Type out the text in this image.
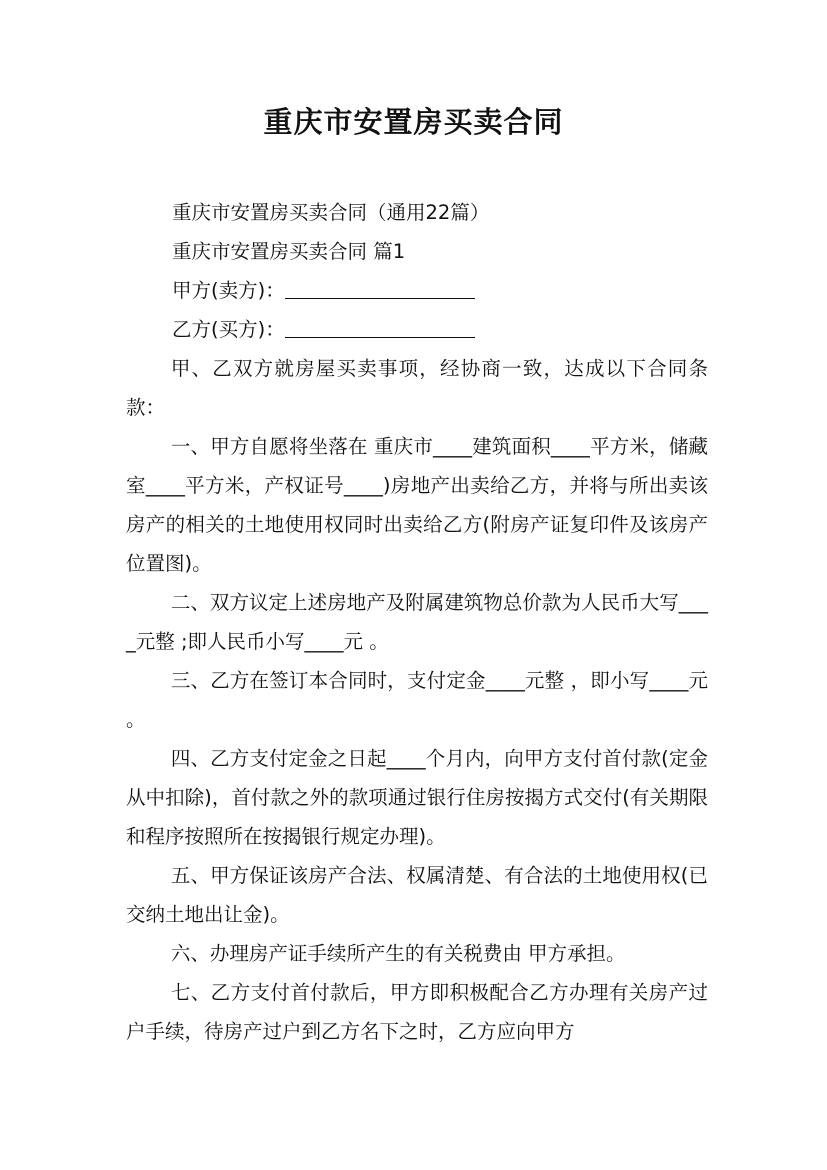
重庆市安置房买卖合同

重庆市安置房买卖合同（通用22篇）

重庆市安置房买卖合同 篇1

甲方(卖方)：

乙方(买方)：

甲、乙双方就房屋买卖事项，经协商一致，达成以下合同条款：

一、甲方自愿将坐落在 重庆市____建筑面积____平方米，储藏室____平方米，产权证号____)房地产出卖给乙方，并将与所出卖该房产的相关的土地使用权同时出卖给乙方(附房产证复印件及该房产位置图)。

二、双方议定上述房地产及附属建筑物总价款为人民币大写____元整 ;即人民币小写____元 。

三、乙方在签订本合同时，支付定金____元整 ，即小写____元 。

四、乙方支付定金之日起____个月内，向甲方支付首付款(定金从中扣除)，首付款之外的款项通过银行住房按揭方式交付(有关期限和程序按照所在按揭银行规定办理)。

五、甲方保证该房产合法、权属清楚、有合法的土地使用权(已交纳土地出让金)。

六、办理房产证手续所产生的有关税费由 甲方承担。

七、乙方支付首付款后，甲方即积极配合乙方办理有关房产过户手续，待房产过户到乙方名下之时，乙方应向甲方
